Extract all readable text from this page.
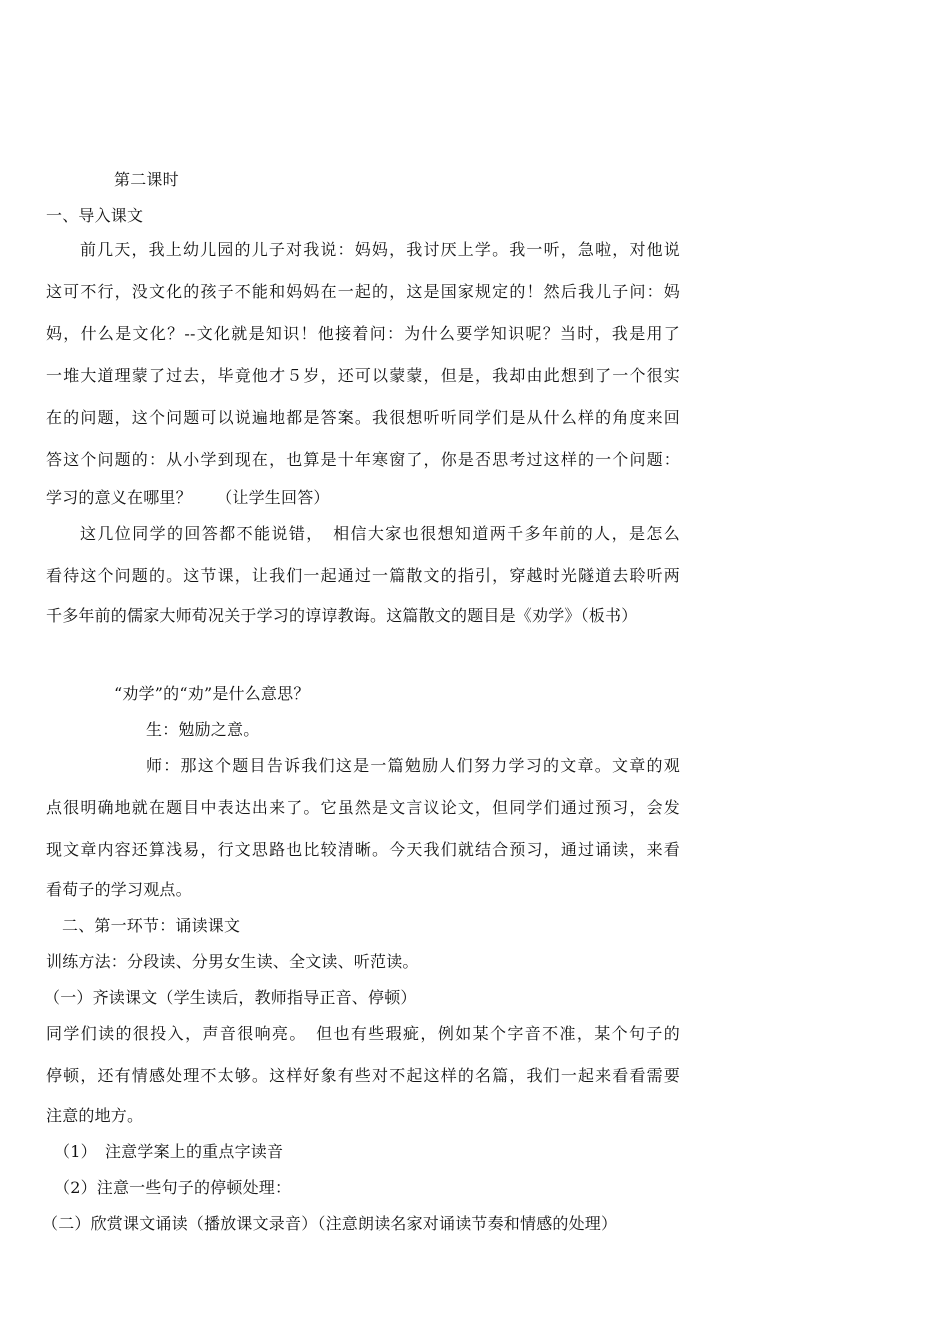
第二课时
一、导入课文
前几天，我上幼儿园的儿子对我说：妈妈，我讨厌上学。我一听，急啦，对他说
这可不行，没文化的孩子不能和妈妈在一起的，这是国家规定的！然后我儿子问：妈
妈，什么是文化？--文化就是知识！他接着问：为什么要学知识呢？当时，我是用了
一堆大道理蒙了过去，毕竟他才５岁，还可以蒙蒙，但是，我却由此想到了一个很实
在的问题，这个问题可以说遍地都是答案。我很想听听同学们是从什么样的角度来回
答这个问题的：从小学到现在，也算是十年寒窗了，你是否思考过这样的一个问题：
学习的意义在哪里？　　（让学生回答）
这几位同学的回答都不能说错，　相信大家也很想知道两千多年前的人，是怎么
看待这个问题的。这节课，让我们一起通过一篇散文的指引，穿越时光隧道去聆听两
千多年前的儒家大师荀况关于学习的谆谆教诲。这篇散文的题目是《劝学》（板书）
“劝学”的“劝”是什么意思？
生：勉励之意。
师：那这个题目告诉我们这是一篇勉励人们努力学习的文章。文章的观
点很明确地就在题目中表达出来了。它虽然是文言议论文，但同学们通过预习，会发
现文章内容还算浅易，行文思路也比较清晰。今天我们就结合预习，通过诵读，来看
看荀子的学习观点。
二、第一环节：诵读课文
训练方法：分段读、分男女生读、全文读、听范读。
（一）齐读课文（学生读后，教师指导正音、停顿）
同学们读的很投入，声音很响亮。　但也有些瑕疵，例如某个字音不准，某个句子的
停顿，还有情感处理不太够。这样好象有些对不起这样的名篇，我们一起来看看需要
注意的地方。
（1）　注意学案上的重点字读音
（2）注意一些句子的停顿处理：
（二）欣赏课文诵读（播放课文录音）（注意朗读名家对诵读节奏和情感的处理）
